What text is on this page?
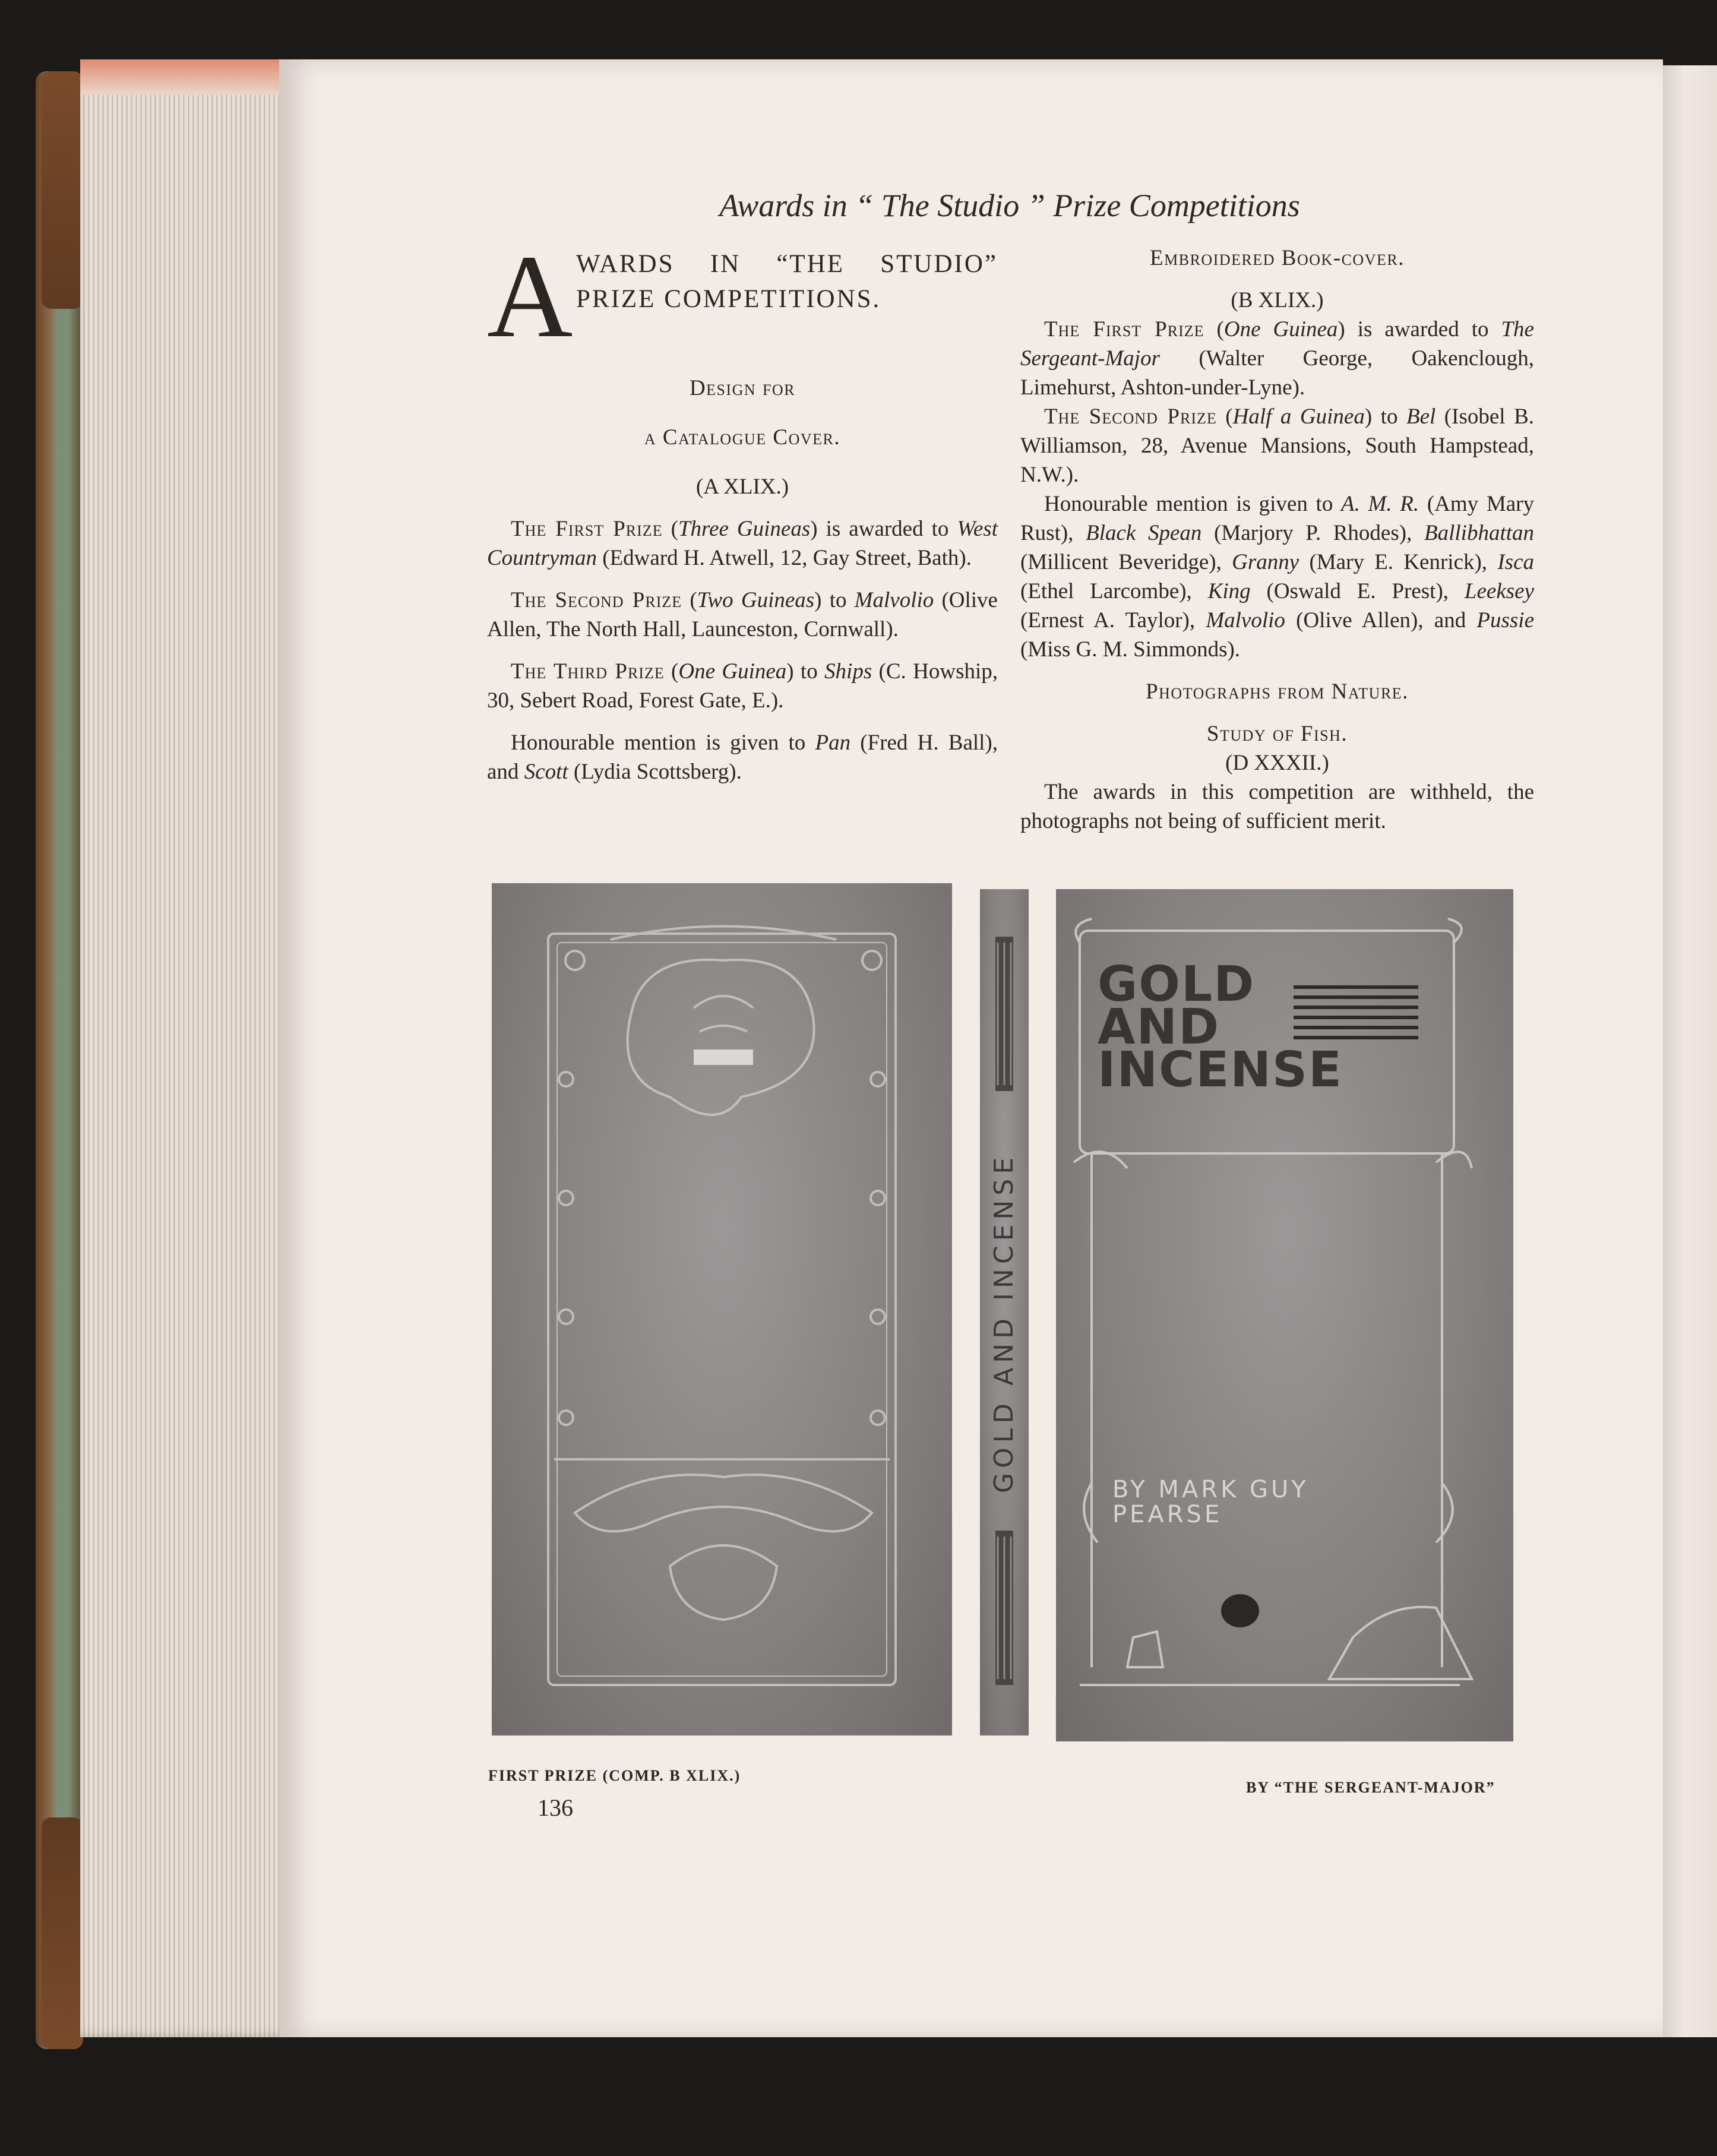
Awards in “ The Studio ” Prize Competitions
A WARDS IN “THE STUDIO” PRIZE COMPETITIONS.

Design for

a Catalogue Cover.

(A XLIX.)

The First Prize (Three Guineas) is awarded to West Countryman (Edward H. Atwell, 12, Gay Street, Bath).

The Second Prize (Two Guineas) to Malvolio (Olive Allen, The North Hall, Launceston, Cornwall).

The Third Prize (One Guinea) to Ships (C. Howship, 30, Sebert Road, Forest Gate, E.).

Honourable mention is given to Pan (Fred H. Ball), and Scott (Lydia Scottsberg).

Embroidered Book-cover.

(B XLIX.)

The First Prize (One Guinea) is awarded to The Sergeant-Major (Walter George, Oakenclough, Limehurst, Ashton-under-Lyne).

The Second Prize (Half a Guinea) to Bel (Isobel B. Williamson, 28, Avenue Mansions, South Hampstead, N.W.).

Honourable mention is given to A. M. R. (Amy Mary Rust), Black Spean (Marjory P. Rhodes), Ballibhattan (Millicent Beveridge), Granny (Mary E. Kenrick), Isca (Ethel Larcombe), King (Oswald E. Prest), Leeksey (Ernest A. Taylor), Malvolio (Olive Allen), and Pussie (Miss G. M. Simmonds).

Photographs from Nature.

Study of Fish.

(D XXXII.)

The awards in this competition are withheld, the photographs not being of sufficient merit.

GOLD AND INCENSE
GOLD
AND
INCENSE
BY MARK GUY
PEARSE
FIRST PRIZE (COMP. B XLIX.)
BY “THE SERGEANT-MAJOR”
136
